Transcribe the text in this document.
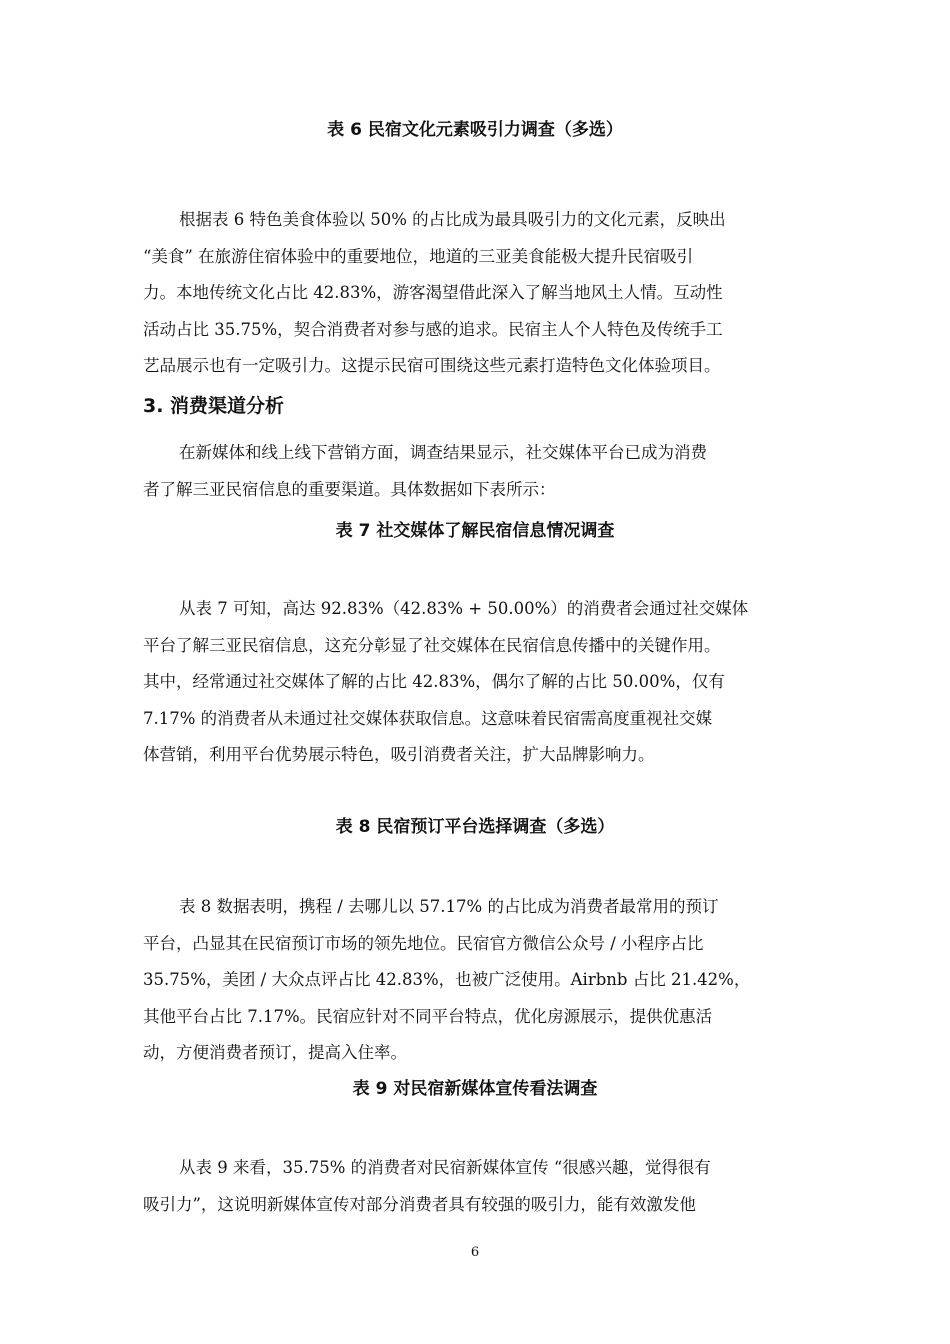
表 6 民宿文化元素吸引力调查（多选）
根据表 6 特色美食体验以 50% 的占比成为最具吸引力的文化元素，反映出
“美食” 在旅游住宿体验中的重要地位，地道的三亚美食能极大提升民宿吸引
力。本地传统文化占比 42.83%，游客渴望借此深入了解当地风土人情。互动性
活动占比 35.75%，契合消费者对参与感的追求。民宿主人个人特色及传统手工
艺品展示也有一定吸引力。这提示民宿可围绕这些元素打造特色文化体验项目。
3. 消费渠道分析
在新媒体和线上线下营销方面，调查结果显示，社交媒体平台已成为消费
者了解三亚民宿信息的重要渠道。具体数据如下表所示：
表 7 社交媒体了解民宿信息情况调查
从表 7 可知，高达 92.83%（42.83% + 50.00%）的消费者会通过社交媒体
平台了解三亚民宿信息，这充分彰显了社交媒体在民宿信息传播中的关键作用。
其中，经常通过社交媒体了解的占比 42.83%，偶尔了解的占比 50.00%，仅有
7.17% 的消费者从未通过社交媒体获取信息。这意味着民宿需高度重视社交媒
体营销，利用平台优势展示特色，吸引消费者关注，扩大品牌影响力。
表 8 民宿预订平台选择调查（多选）
表 8 数据表明，携程 / 去哪儿以 57.17% 的占比成为消费者最常用的预订
平台，凸显其在民宿预订市场的领先地位。民宿官方微信公众号 / 小程序占比
35.75%，美团 / 大众点评占比 42.83%，也被广泛使用。Airbnb 占比 21.42%，
其他平台占比 7.17%。民宿应针对不同平台特点，优化房源展示，提供优惠活
动，方便消费者预订，提高入住率。
表 9 对民宿新媒体宣传看法调查
从表 9 来看，35.75% 的消费者对民宿新媒体宣传 “很感兴趣，觉得很有
吸引力”，这说明新媒体宣传对部分消费者具有较强的吸引力，能有效激发他
6
